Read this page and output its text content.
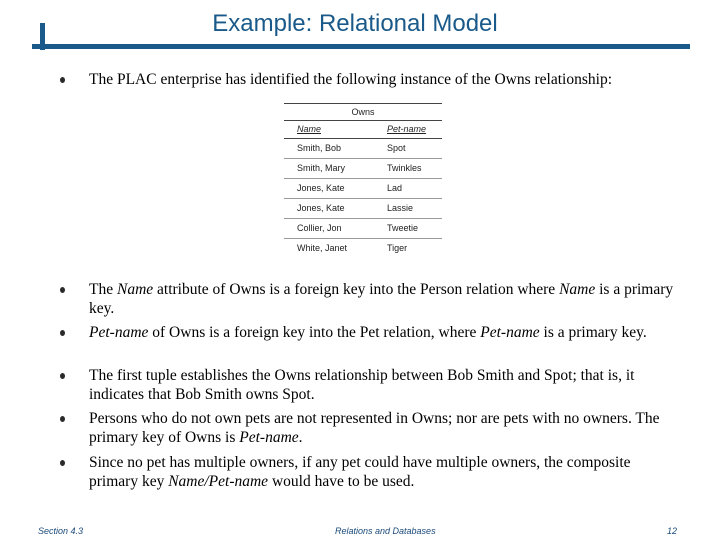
Example: Relational Model
The PLAC enterprise has identified the following instance of the Owns relationship:
Owns
Name	Pet-name
Smith, Bob	Spot
Smith, Mary	Twinkles
Jones, Kate	Lad
Jones, Kate	Lassie
Collier, Jon	Tweetie
White, Janet	Tiger
The Name attribute of Owns is a foreign key into the Person relation where Name is a primary key.
Pet-name of Owns is a foreign key into the Pet relation, where Pet-name is a primary key.
The first tuple establishes the Owns relationship between Bob Smith and Spot; that is, it indicates that Bob Smith owns Spot.
Persons who do not own pets are not represented in Owns; nor are pets with no owners. The primary key of Owns is Pet-name.
Since no pet has multiple owners, if any pet could have multiple owners, the composite primary key Name/Pet-name would have to be used.
Section 4.3	Relations and Databases	12
